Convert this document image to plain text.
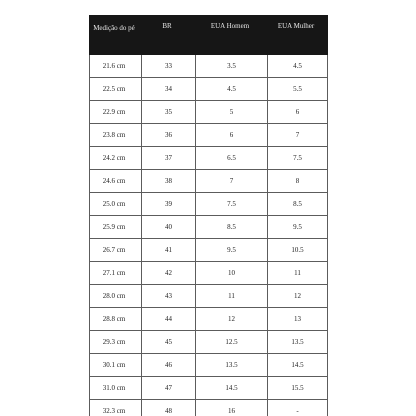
Medição do pé	BR	EUA Homem	EUA Mulher

21.6 cm	33	3.5	4.5
22.5 cm	34	4.5	5.5
22.9 cm	35	5	6
23.8 cm	36	6	7
24.2 cm	37	6.5	7.5
24.6 cm	38	7	8
25.0 cm	39	7.5	8.5
25.9 cm	40	8.5	9.5
26.7 cm	41	9.5	10.5
27.1 cm	42	10	11
28.0 cm	43	11	12
28.8 cm	44	12	13
29.3 cm	45	12.5	13.5
30.1 cm	46	13.5	14.5
31.0 cm	47	14.5	15.5
32.3 cm	48	16	-
